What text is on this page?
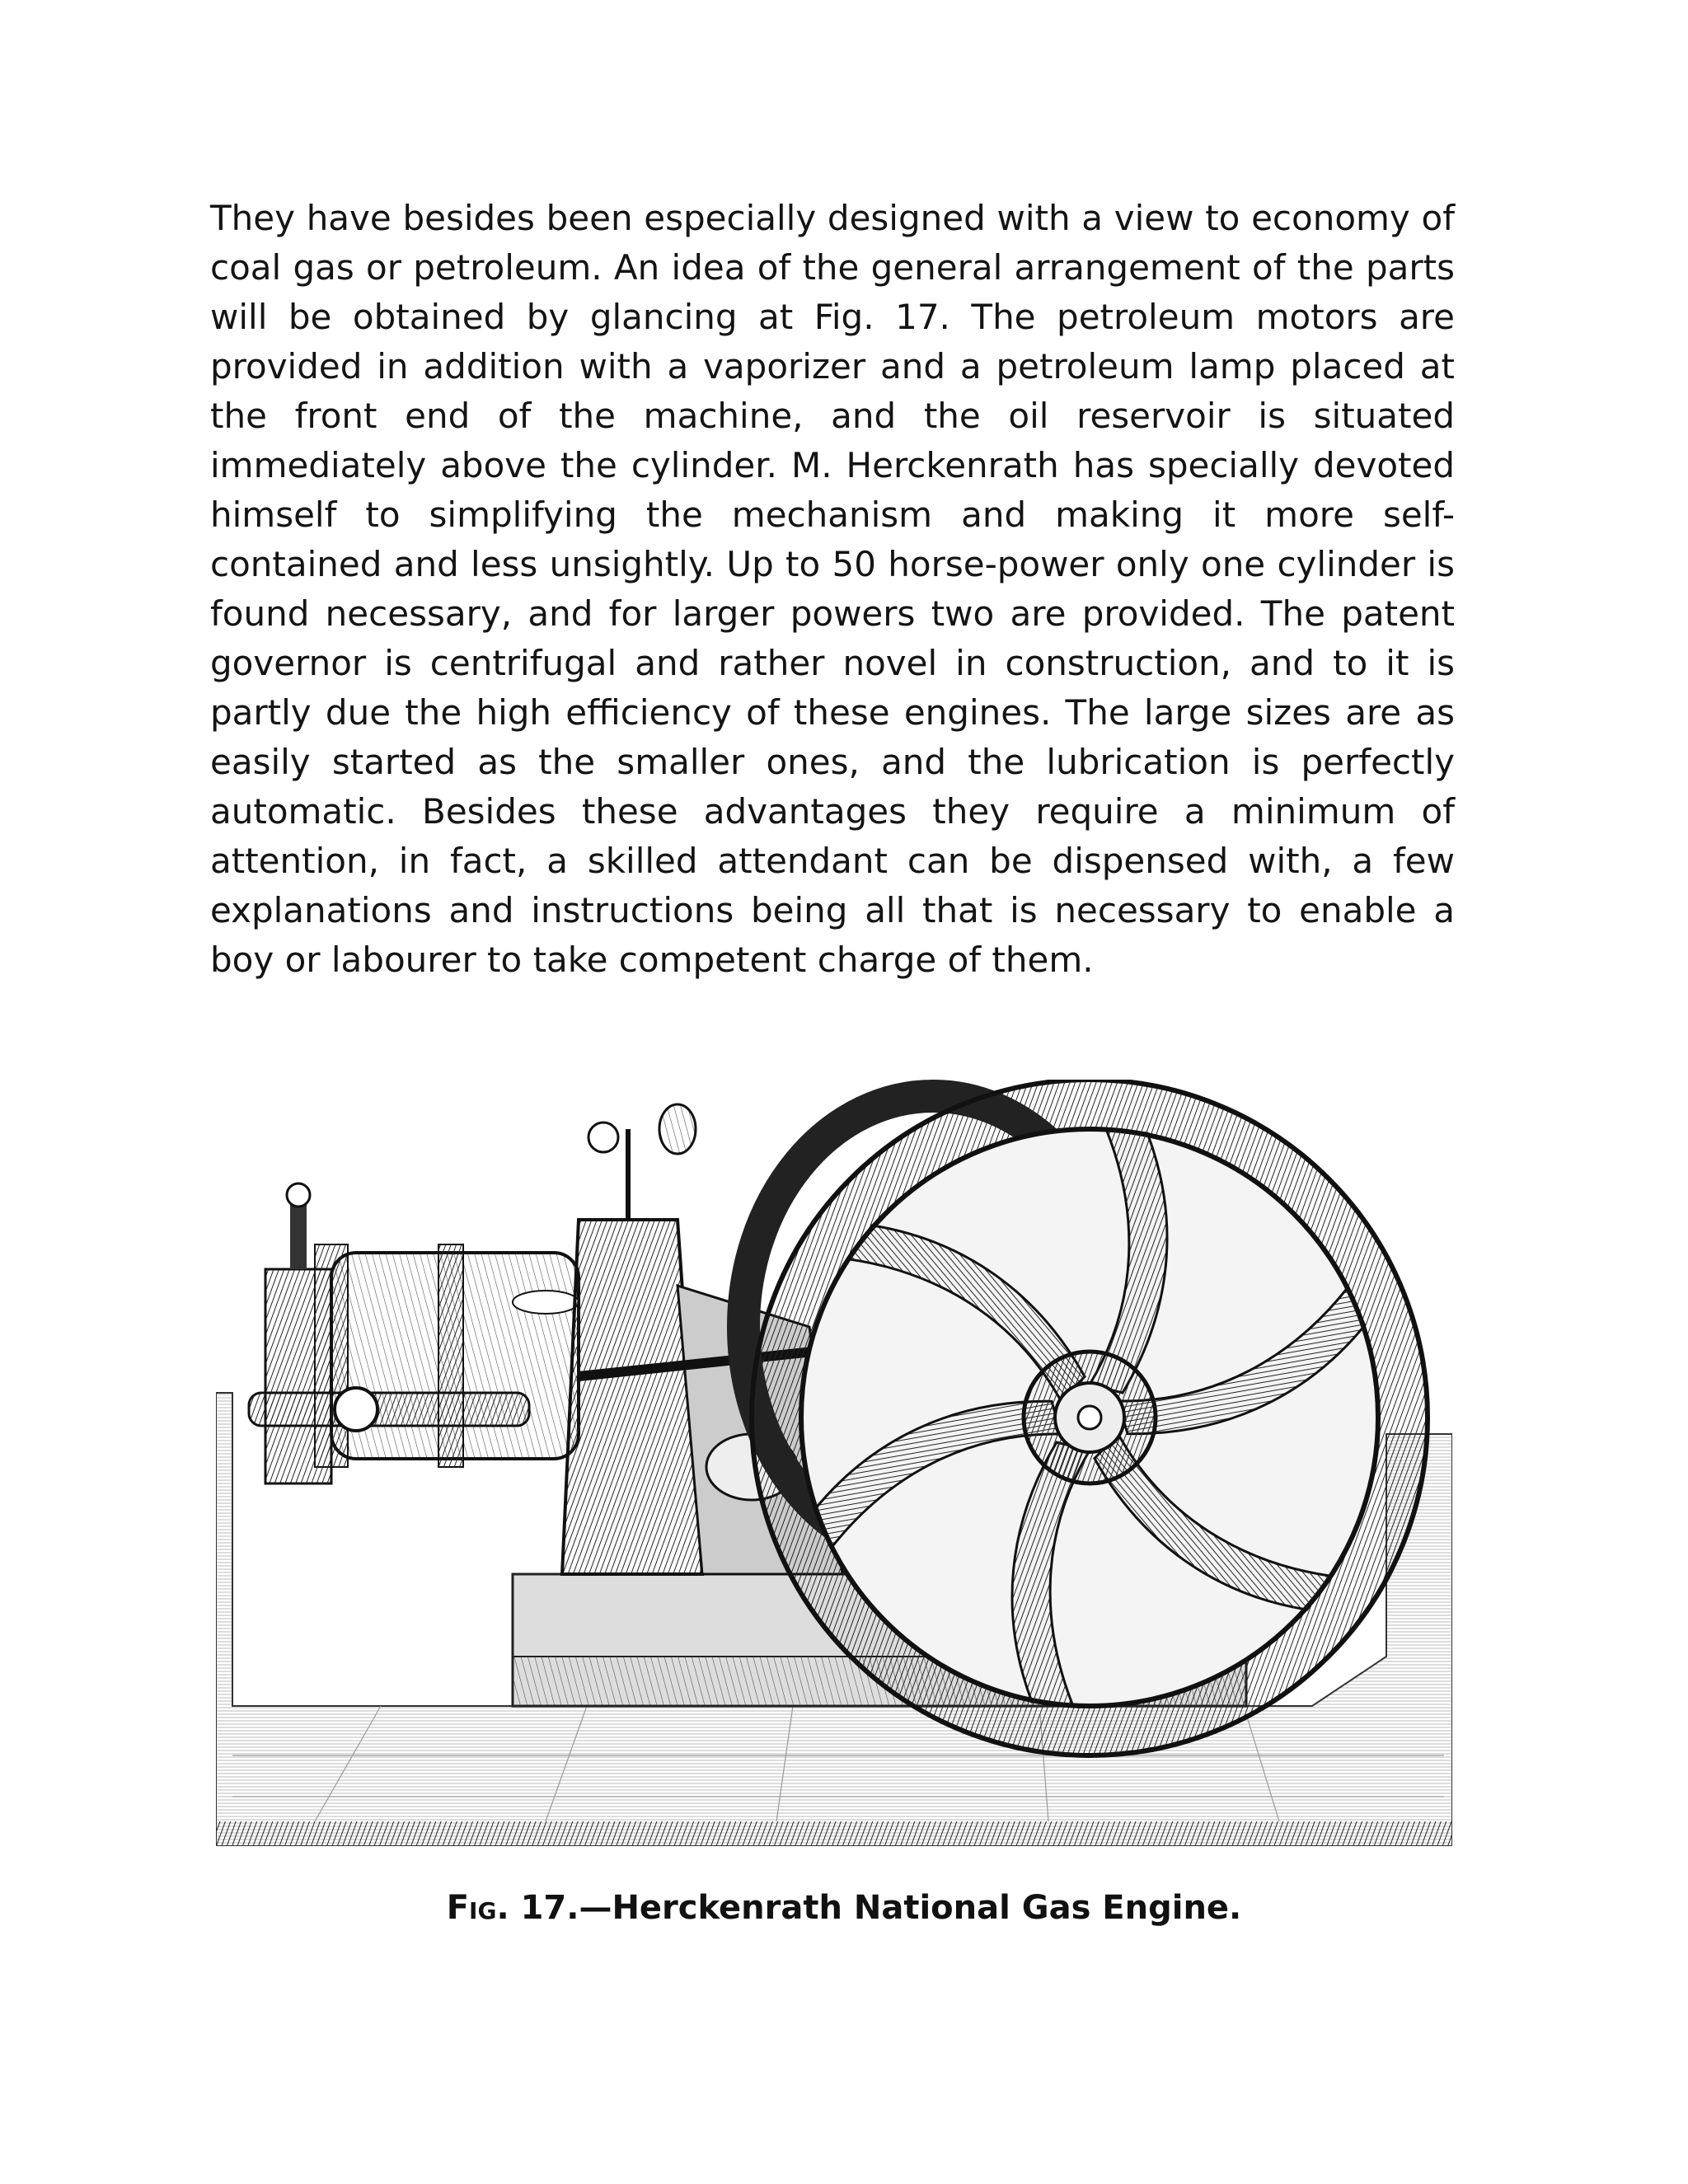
They have besides been especially designed with a view to economy of coal gas or petroleum. An idea of the general arrangement of the parts will be obtained by glancing at Fig. 17. The petroleum motors are provided in addition with a vaporizer and a petroleum lamp placed at the front end of the machine, and the oil reservoir is situated immediately above the cylinder. M. Herckenrath has specially devoted himself to simplifying the mechanism and making it more self-contained and less unsightly. Up to 50 horse-power only one cylinder is found necessary, and for larger powers two are provided. The patent governor is centrifugal and rather novel in construction, and to it is partly due the high efficiency of these engines. The large sizes are as easily started as the smaller ones, and the lubrication is perfectly automatic. Besides these advantages they require a minimum of attention, in fact, a skilled attendant can be dispensed with, a few explanations and instructions being all that is necessary to enable a boy or labourer to take competent charge of them.

Fig. 17.—Herckenrath National Gas Engine.
